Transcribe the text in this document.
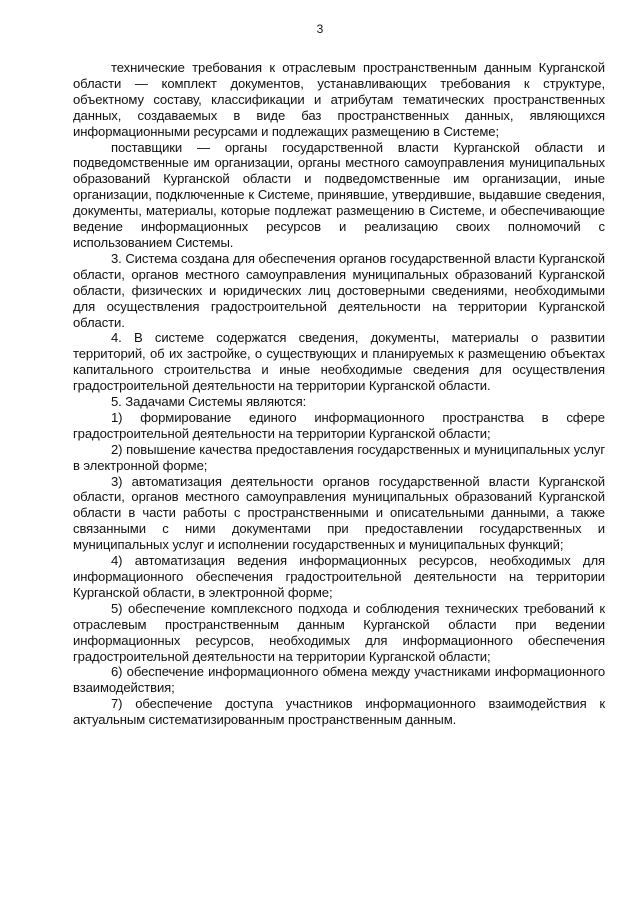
3

технические требования к отраслевым пространственным данным Курганской области — комплект документов, устанавливающих требования к структуре, объектному составу, классификации и атрибутам тематических пространственных данных, создаваемых в виде баз пространственных данных, являющихся информационными ресурсами и подлежащих размещению в Системе;

поставщики — органы государственной власти Курганской области и подведомственные им организации, органы местного самоуправления муниципальных образований Курганской области и подведомственные им организации, иные организации, подключенные к Системе, принявшие, утвердившие, выдавшие сведения, документы, материалы, которые подлежат размещению в Системе, и обеспечивающие ведение информационных ресурсов и реализацию своих полномочий с использованием Системы.

3. Система создана для обеспечения органов государственной власти Курганской области, органов местного самоуправления муниципальных образований Курганской области, физических и юридических лиц достоверными сведениями, необходимыми для осуществления градостроительной деятельности на территории Курганской области.

4. В системе содержатся сведения, документы, материалы о развитии территорий, об их застройке, о существующих и планируемых к размещению объектах капитального строительства и иные необходимые сведения для осуществления градостроительной деятельности на территории Курганской области.

5. Задачами Системы являются:

1) формирование единого информационного пространства в сфере градостроительной деятельности на территории Курганской области;

2) повышение качества предоставления государственных и муниципальных услуг в электронной форме;

3) автоматизация деятельности органов государственной власти Курганской области, органов местного самоуправления муниципальных образований Курганской области в части работы с пространственными и описательными данными, а также связанными с ними документами при предоставлении государственных и муниципальных услуг и исполнении государственных и муниципальных функций;

4) автоматизация ведения информационных ресурсов, необходимых для информационного обеспечения градостроительной деятельности на территории Курганской области, в электронной форме;

5) обеспечение комплексного подхода и соблюдения технических требований к отраслевым пространственным данным Курганской области при ведении информационных ресурсов, необходимых для информационного обеспечения градостроительной деятельности на территории Курганской области;

6) обеспечение информационного обмена между участниками информационного взаимодействия;

7) обеспечение доступа участников информационного взаимодействия к актуальным систематизированным пространственным данным.
